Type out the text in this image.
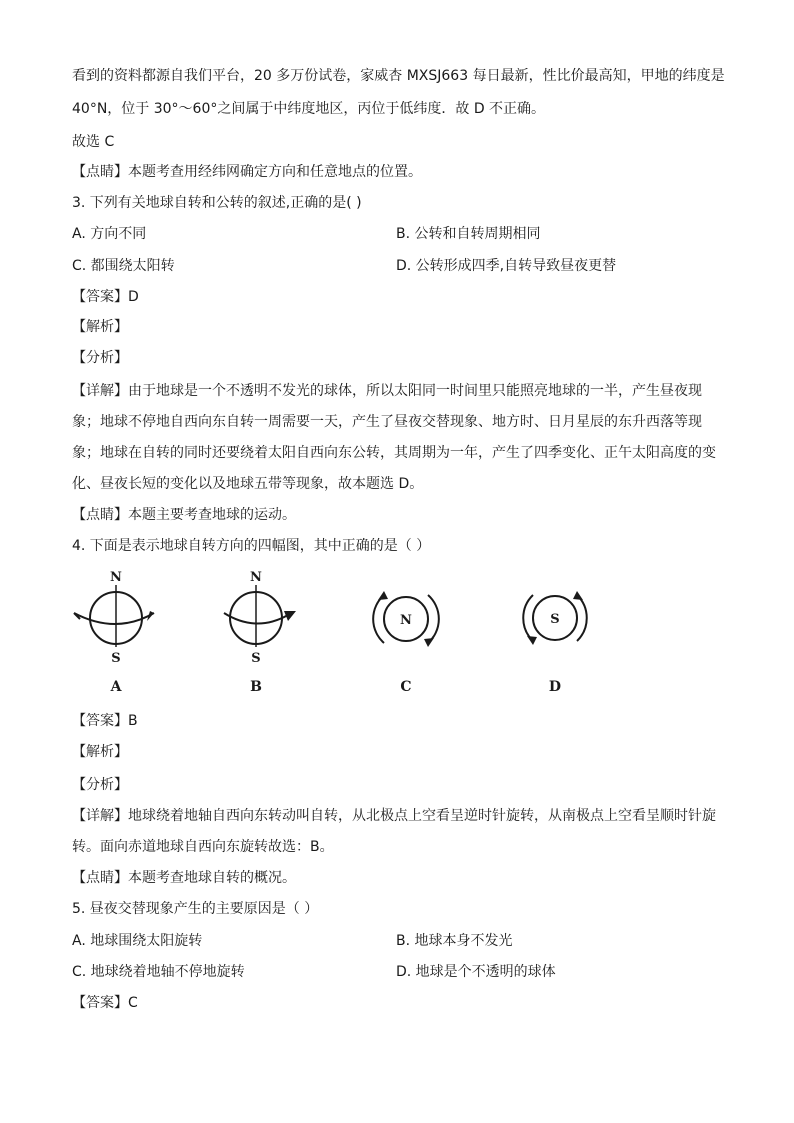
看到的资料都源自我们平台，20 多万份试卷，家威杏 MXSJ663 每日最新，性比价最高知，甲地的纬度是
40°N，位于 30°～60°之间属于中纬度地区，丙位于低纬度．故 D 不正确。
故选 C
【点睛】本题考查用经纬网确定方向和任意地点的位置。
3. 下列有关地球自转和公转的叙述,正确的是( )
A. 方向不同	B. 公转和自转周期相同
C. 都围绕太阳转	D. 公转形成四季,自转导致昼夜更替
【答案】D
【解析】
【分析】
【详解】由于地球是一个不透明不发光的球体，所以太阳同一时间里只能照亮地球的一半，产生昼夜现
象；地球不停地自西向东自转一周需要一天，产生了昼夜交替现象、地方时、日月星辰的东升西落等现
象；地球在自转的同时还要绕着太阳自西向东公转，其周期为一年，产生了四季变化、正午太阳高度的变
化、昼夜长短的变化以及地球五带等现象，故本题选 D。
【点睛】本题主要考查地球的运动。
4. 下面是表示地球自转方向的四幅图，其中正确的是（ ）
N
S
A
N
S
B
N
C
S
D
【答案】B
【解析】
【分析】
【详解】地球绕着地轴自西向东转动叫自转，从北极点上空看呈逆时针旋转，从南极点上空看呈顺时针旋
转。面向赤道地球自西向东旋转故选：B。
【点睛】本题考查地球自转的概况。
5. 昼夜交替现象产生的主要原因是（ ）
A. 地球围绕太阳旋转	B. 地球本身不发光
C. 地球绕着地轴不停地旋转	D. 地球是个不透明的球体
【答案】C
